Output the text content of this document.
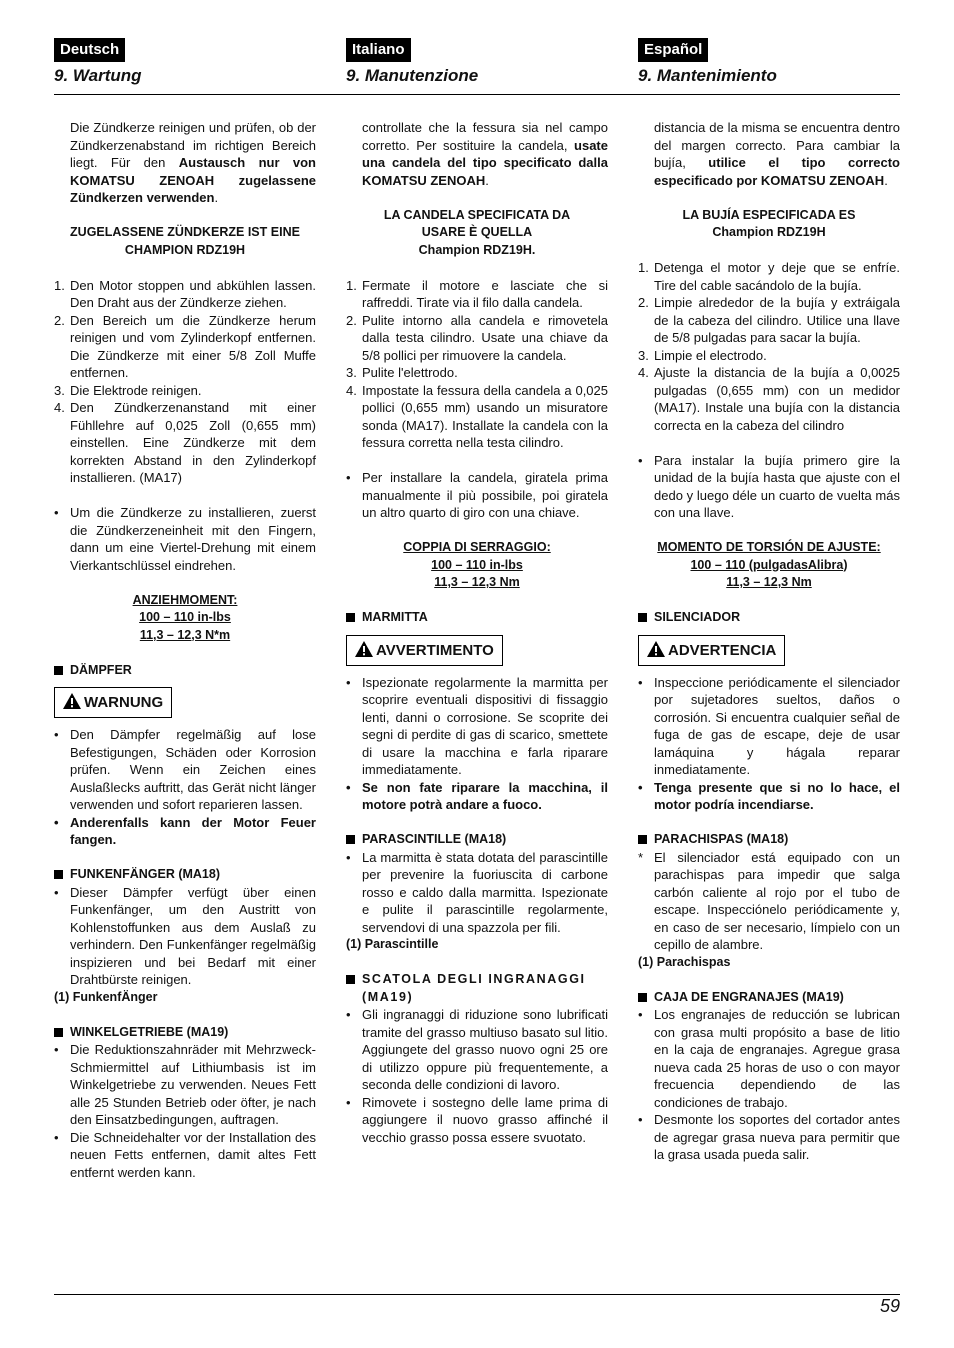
59
Deutsch
9. Wartung
Die Zündkerze reinigen und prüfen, ob der Zündkerzenabstand im richtigen Bereich liegt. Für den Austausch nur von KOMATSU ZENOAH zugelassene Zündkerzen verwenden.
ZUGELASSENE ZÜNDKERZE IST EINE
CHAMPION RDZ19H
1. Den Motor stoppen und abkühlen lassen. Den Draht aus der Zündkerze ziehen.
2. Den Bereich um die Zündkerze herum reinigen und vom Zylinderkopf entfernen. Die Zündkerze mit einer 5/8 Zoll Muffe entfernen.
3. Die Elektrode reinigen.
4. Den Zündkerzenanstand mit einer Fühllehre auf 0,025 Zoll (0,655 mm) einstellen. Eine Zündkerze mit dem korrekten Abstand in den Zylinderkopf installieren. (MA17)
• Um die Zündkerze zu installieren, zuerst die Zündkerzeneinheit mit den Fingern, dann um eine Viertel-Drehung mit einem Vierkantschlüssel eindrehen.
ANZIEHMOMENT:
100 – 110 in-lbs
11,3 – 12,3 N*m
DÄMPFER
WARNUNG
• Den Dämpfer regelmäßig auf lose Befestigungen, Schäden oder Korrosion prüfen. Wenn ein Zeichen eines Auslaßlecks auftritt, das Gerät nicht länger verwenden und sofort reparieren lassen.
• Anderenfalls kann der Motor Feuer fangen.
FUNKENFÄNGER (MA18)
• Dieser Dämpfer verfügt über einen Funkenfänger, um den Austritt von Kohlenstoffunken aus dem Auslaß zu verhindern. Den Funkenfänger regelmäßig inspizieren und bei Bedarf mit einer Drahtbürste reinigen.
(1) FunkenfÄnger
WINKELGETRIEBE (MA19)
• Die Reduktionszahnräder mit Mehrzweck-Schmiermittel auf Lithiumbasis ist im Winkelgetriebe zu verwenden. Neues Fett alle 25 Stunden Betrieb oder öfter, je nach den Einsatzbedingungen, auftragen.
• Die Schneidehalter vor der Installation des neuen Fetts entfernen, damit altes Fett entfernt werden kann.
Italiano
9. Manutenzione
controllate che la fessura sia nel campo corretto. Per sostituire la candela, usate una candela del tipo specificato dalla KOMATSU ZENOAH.
LA CANDELA SPECIFICATA DA
USARE È QUELLA
Champion RDZ19H.
1. Fermate il motore e lasciate che si raffreddi. Tirate via il filo dalla candela.
2. Pulite intorno alla candela e rimovetela dalla testa cilindro. Usate una chiave da 5/8 pollici per rimuovere la candela.
3. Pulite l'elettrodo.
4. Impostate la fessura della candela a 0,025 pollici (0,655 mm) usando un misuratore sonda (MA17). Installate la candela con la fessura corretta nella testa cilindro.
• Per installare la candela, giratela prima manualmente il più possibile, poi giratela un altro quarto di giro con una chiave.
COPPIA DI SERRAGGIO:
100 – 110 in-lbs
11,3 – 12,3 Nm
MARMITTA
AVVERTIMENTO
• Ispezionate regolarmente la marmitta per scoprire eventuali dispositivi di fissaggio lenti, danni o corrosione. Se scoprite dei segni di perdite di gas di scarico, smettete di usare la macchina e farla riparare immediatamente.
• Se non fate riparare la macchina, il motore potrà andare a fuoco.
PARASCINTILLE (MA18)
• La marmitta è stata dotata del parascintille per prevenire la fuoriuscita di carbone rosso e caldo dalla marmitta. Ispezionate e pulite il parascintille regolarmente, servendovi di una spazzola per fili.
(1) Parascintille
SCATOLA DEGLI INGRANAGGI (MA19)
• Gli ingranaggi di riduzione sono lubrificati tramite del grasso multiuso basato sul litio. Aggiungete del grasso nuovo ogni 25 ore di utilizzo oppure più frequentemente, a seconda delle condizioni di lavoro.
• Rimovete i sostegno delle lame prima di aggiungere il nuovo grasso affinché il vecchio grasso possa essere svuotato.
Español
9. Mantenimiento
distancia de la misma se encuentra dentro del margen correcto. Para cambiar la bujía, utilice el tipo correcto especificado por KOMATSU ZENOAH.
LA BUJÍA ESPECIFICADA ES
Champion RDZ19H
1. Detenga el motor y deje que se enfríe. Tire del cable sacándolo de la bujía.
2. Limpie alrededor de la bujía y extráigala de la cabeza del cilindro. Utilice una llave de 5/8 pulgadas para sacar la bujía.
3. Limpie el electrodo.
4. Ajuste la distancia de la bujía a 0,0025 pulgadas (0,655 mm) con un medidor (MA17). Instale una bujía con la distancia correcta en la cabeza del cilindro
• Para instalar la bujía primero gire la unidad de la bujía hasta que ajuste con el dedo y luego déle un cuarto de vuelta más con una llave.
MOMENTO DE TORSIÓN DE AJUSTE:
100 – 110 (pulgadasAlibra)
11,3 – 12,3 Nm
SILENCIADOR
ADVERTENCIA
• Inspeccione periódicamente el silenciador por sujetadores sueltos, daños o corrosión. Si encuentra cualquier señal de fuga de gas de escape, deje de usar lamáquina y hágala reparar inmediatamente.
• Tenga presente que si no lo hace, el motor podría incendiarse.
PARACHISPAS (MA18)
* El silenciador está equipado con un parachispas para impedir que salga carbón caliente al rojo por el tubo de escape. Inspecciónelo periódicamente y, en caso de ser necesario, límpielo con un cepillo de alambre.
(1) Parachispas
CAJA DE ENGRANAJES (MA19)
• Los engranajes de reducción se lubrican con grasa multi propósito a base de litio en la caja de engranajes. Agregue grasa nueva cada 25 horas de uso o con mayor frecuencia dependiendo de las condiciones de trabajo.
• Desmonte los soportes del cortador antes de agregar grasa nueva para permitir que la grasa usada pueda salir.
